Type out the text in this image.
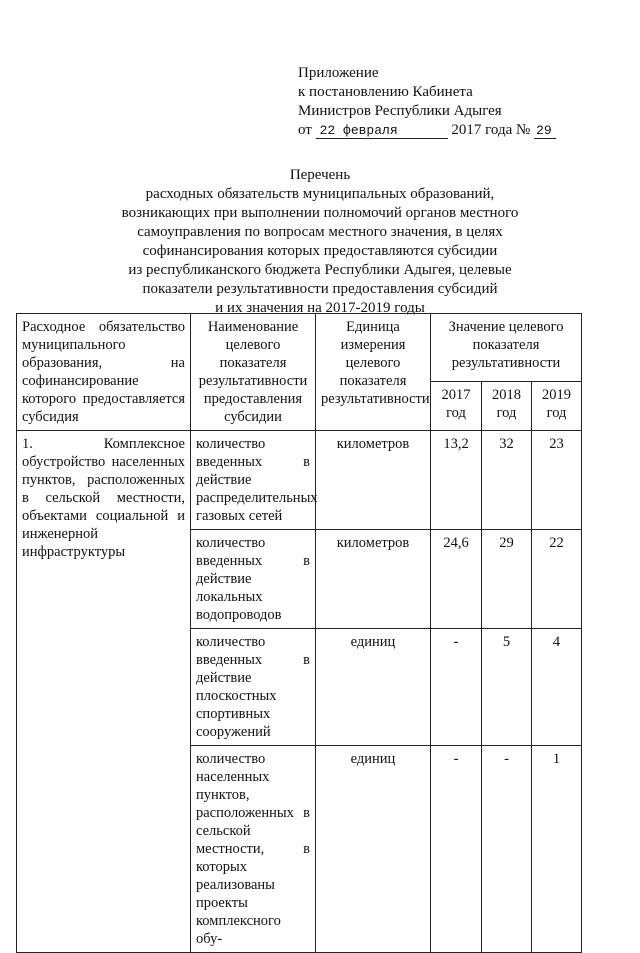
Приложение
к постановлению Кабинета
Министров Республики Адыгея
от 22 февраля	2017 года № 29
Перечень
расходных обязательств муниципальных образований,
возникающих при выполнении полномочий органов местного
самоуправления по вопросам местного значения, в целях
софинансирования которых предоставляются субсидии
из республиканского бюджета Республики Адыгея, целевые
показатели результативности предоставления субсидий
и их значения на 2017-2019 годы
Расходное обязательство муниципального образования, на софинансирование которого предоставляется субсидия	Наименование целевого показателя результативности предоставления субсидии	Единица измерения целевого показателя результативности	Значение целевого показателя результативности		
			2017 год	2018 год	2019 год
1. Комплексное обустройство населенных пунктов, расположенных в сельской местности, объектами социальной и инженерной инфраструктуры	количество введенных в действие распределительных газовых сетей	километров	13,2	32	23
	количество введенных в действие локальных водопроводов	километров	24,6	29	22
	количество введенных в действие плоскостных спортивных сооружений	единиц	-	5	4
	количество населенных пунктов, расположенных в сельской местности, в которых реализованы проекты комплексного обу-	единиц	-	-	1
